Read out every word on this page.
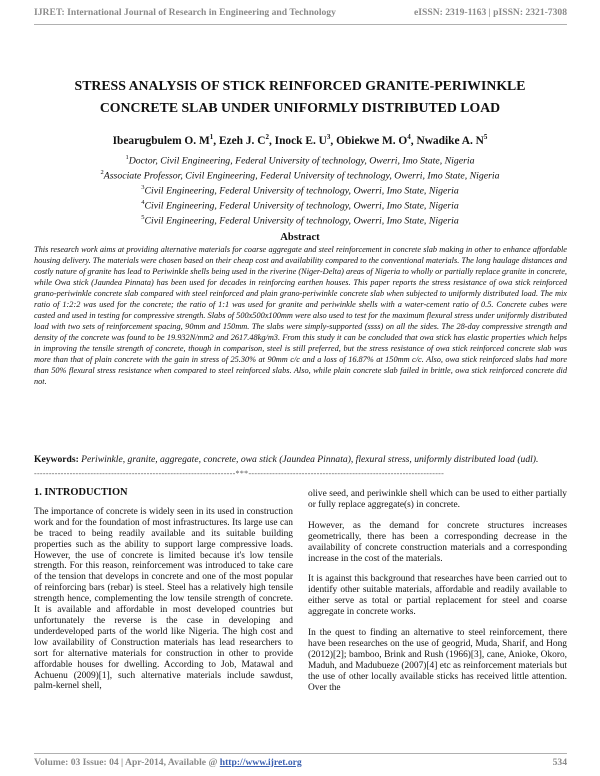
IJRET: International Journal of Research in Engineering and Technology	eISSN: 2319-1163 | pISSN: 2321-7308
STRESS ANALYSIS OF STICK REINFORCED GRANITE-PERIWINKLE
CONCRETE SLAB UNDER UNIFORMLY DISTRIBUTED LOAD
Ibearugbulem O. $M^1$, Ezeh J. $C^2$, Inock E. $U^3$, Obiekwe M. $O^4$, Nwadike A. $N^5$
$^1$Doctor, Civil Engineering, Federal University of technology, Owerri, Imo State, Nigeria
$^2$Associate Professor, Civil Engineering, Federal University of technology, Owerri, Imo State, Nigeria
$^3$Civil Engineering, Federal University of technology, Owerri, Imo State, Nigeria
$^4$Civil Engineering, Federal University of technology, Owerri, Imo State, Nigeria
$^5$Civil Engineering, Federal University of technology, Owerri, Imo State, Nigeria
Abstract

This research work aims at providing alternative materials for coarse aggregate and steel reinforcement in concrete slab making in other to enhance affordable housing delivery. The materials were chosen based on their cheap cost and availability compared to the conventional materials. The long haulage distances and costly nature of granite has lead to Periwinkle shells being used in the riverine (Niger-Delta) areas of Nigeria to wholly or partially replace granite in concrete, while Owa stick (Jaundea Pinnata) has been used for decades in reinforcing earthen houses. This paper reports the stress resistance of owa stick reinforced grano-periwinkle concrete slab compared with steel reinforced and plain grano-periwinkle concrete slab when subjected to uniformly distributed load. The mix ratio of 1:2:2 was used for the concrete; the ratio of 1:1 was used for granite and periwinkle shells with a water-cement ratio of 0.5. Concrete cubes were casted and used in testing for compressive strength. Slabs of 500x500x100mm were also used to test for the maximum flexural stress under uniformly distributed load with two sets of reinforcement spacing, 90mm and 150mm. The slabs were simply-supported (ssss) on all the sides. The 28-day compressive strength and density of the concrete was found to be 19.932N/mm2 and 2617.48kg/m3. From this study it can be concluded that owa stick has elastic properties which helps in improving the tensile strength of concrete, though in comparison, steel is still preferred, but the stress resistance of owa stick reinforced concrete slab was more than that of plain concrete with the gain in stress of 25.30% at 90mm c/c and a loss of 16.87% at 150mm c/c. Also, owa stick reinforced slabs had more than 50% flexural stress resistance when compared to steel reinforced slabs. Also, while plain concrete slab failed in brittle, owa stick reinforced concrete did not.

Keywords: Periwinkle, granite, aggregate, concrete, owa stick (Jaundea Pinnata), flexural stress, uniformly distributed load (udl).

--------------------------------------------------------------------***------------------------------------------------------------------
1. INTRODUCTION

The importance of concrete is widely seen in its used in construction work and for the foundation of most infrastructures. Its large use can be traced to being readily available and its suitable building properties such as the ability to support large compressive loads. However, the use of concrete is limited because it's low tensile strength. For this reason, reinforcement was introduced to take care of the tension that develops in concrete and one of the most popular of reinforcing bars (rebar) is steel. Steel has a relatively high tensile strength hence, complementing the low tensile strength of concrete. It is available and affordable in most developed countries but unfortunately the reverse is the case in developing and underdeveloped parts of the world like Nigeria. The high cost and low availability of Construction materials has lead researchers to sort for alternative materials for construction in other to provide affordable houses for dwelling. According to Job, Matawal and Achuenu (2009)[1], such alternative materials include sawdust, palm-kernel shell,

olive seed, and periwinkle shell which can be used to either partially or fully replace aggregate(s) in concrete.

However, as the demand for concrete structures increases geometrically, there has been a corresponding decrease in the availability of concrete construction materials and a corresponding increase in the cost of the materials.

It is against this background that researches have been carried out to identify other suitable materials, affordable and readily available to either serve as total or partial replacement for steel and coarse aggregate in concrete works.

In the quest to finding an alternative to steel reinforcement, there have been researches on the use of geogrid, Muda, Sharif, and Hong (2012)[2]; bamboo, Brink and Rush (1966)[3], cane, Anioke, Okoro, Maduh, and Madubueze (2007)[4] etc as reinforcement materials but the use of other locally available sticks has received little attention. Over the

Volume: 03 Issue: 04 | Apr-2014, Available @ http://www.ijret.org	534
